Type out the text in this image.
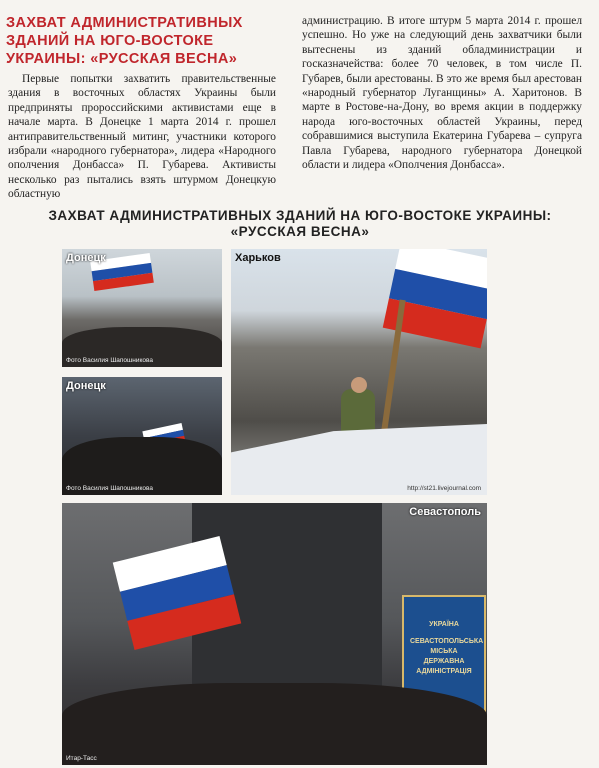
ЗАХВАТ АДМИНИСТРАТИВНЫХ ЗДАНИЙ НА ЮГО-ВОСТОКЕ УКРАИНЫ: «РУССКАЯ ВЕСНА»
Первые попытки захватить правительственные здания в восточных областях Украины были предприняты пророссийскими активистами еще в начале марта. В Донецке 1 марта 2014 г. прошел антиправительственный митинг, участники которого избрали «народного губернатора», лидера «Народного ополчения Донбасса» П. Губарева. Активисты несколько раз пытались взять штурмом Донецкую областную
администрацию. В итоге штурм 5 марта 2014 г. прошел успешно. Но уже на следующий день захватчики были вытеснены из зданий обладминистрации и госказначейства: более 70 человек, в том числе П. Губарев, были арестованы. В это же время был арестован «народный губернатор Луганщины» А. Харитонов. В марте в Ростове-на-Дону, во время акции в поддержку народа юго-восточных областей Украины, перед собравшимися выступила Екатерина Губарева – супруга Павла Губарева, народного губернатора Донецкой области и лидера «Ополчения Донбасса».
ЗАХВАТ АДМИНИСТРАТИВНЫХ ЗДАНИЙ НА ЮГО-ВОСТОКЕ УКРАИНЫ: «РУССКАЯ ВЕСНА»
Донецк
Фото Василия Шапошникова
Донецк
Фото Василия Шапошникова
Харьков
http://st21.livejournal.com
УКРАЇНА
СЕВАСТОПОЛЬСЬКА МІСЬКА ДЕРЖАВНА АДМІНІСТРАЦІЯ
Севастополь
Итар-Тасс
